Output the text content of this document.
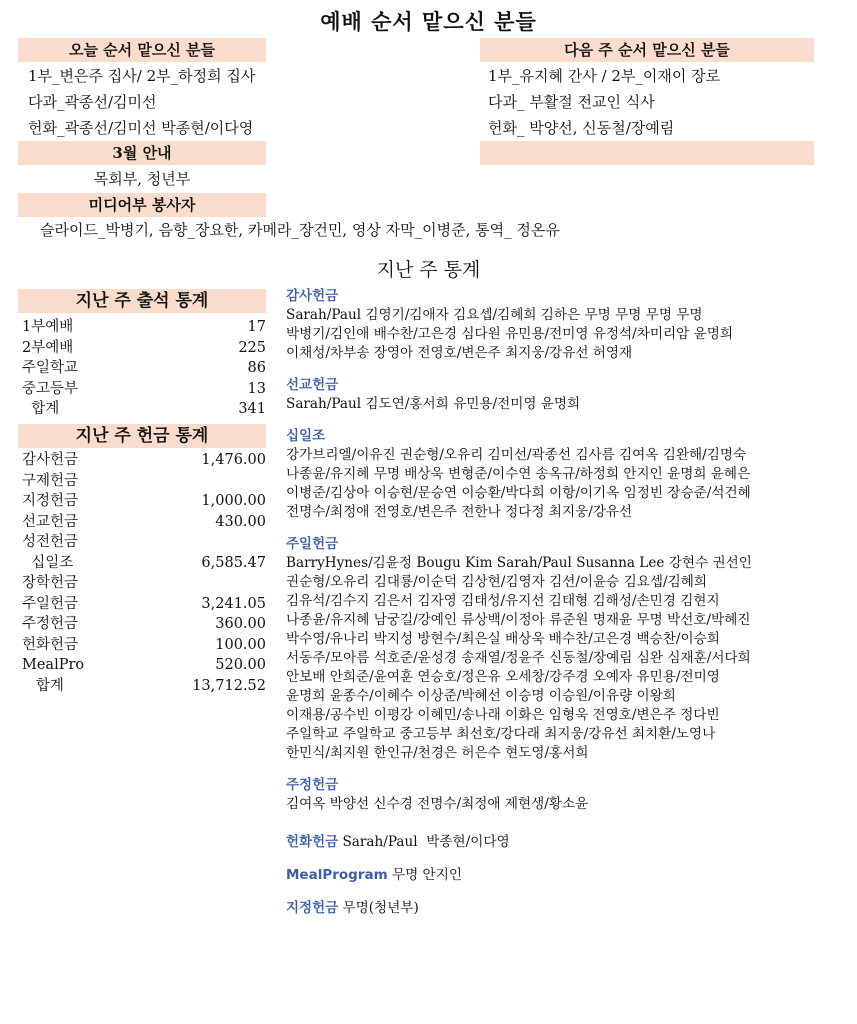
예배 순서 맡으신 분들
오늘 순서 맡으신 분들
1부_변은주 집사/ 2부_하정희 집사
다과_곽종선/김미선
헌화_곽종선/김미선 박종현/이다영
다음 주 순서 맡으신 분들
1부_유지혜 간사 / 2부_이재이 장로
다과_ 부활절 전교인 식사
헌화_ 박양선, 신동철/장예림
3월 안내
목회부, 청년부
미디어부 봉사자
슬라이드_박병기, 음향_장요한, 카메라_장건민, 영상 자막_이병준, 통역_ 정온유
지난 주 통계
지난 주 출석 통계
1부예배	17
2부예배	225
주일학교	86
중고등부	13
합계	341
지난 주 헌금 통계
감사헌금	1,476.00
구제헌금
지정헌금	1,000.00
선교헌금	430.00
성전헌금
십일조	6,585.47
장학헌금
주일헌금	3,241.05
주정헌금	360.00
헌화헌금	100.00
MealPro	520.00
합계	13,712.52
감사헌금
Sarah/Paul 김영기/김애자 김요셉/김혜희 김하은 무명 무명 무명 무명
박병기/김인애 배수찬/고은경 심다원 유민용/전미영 유정석/차미리암 윤명희
이채성/차부송 장영아 전영호/변은주 최지웅/강유선 허영재
선교헌금
Sarah/Paul 김도연/홍서희 유민용/전미영 윤명희
십일조
강가브리엘/이유진 권순형/오유리 김미선/곽종선 김사름 김여옥 김완해/김명숙
나종윤/유지혜 무명 배상욱 변형준/이수연 송옥규/하정희 안지인 윤명희 윤혜은
이병준/김상아 이승현/문승연 이승환/박다희 이항/이기옥 임정빈 장승준/석건혜
전명수/최정애 전영호/변은주 전한나 정다정 최지웅/강유선
주일헌금
BarryHynes/김윤정 Bougu Kim Sarah/Paul Susanna Lee 강현수 권선인
권순형/오유리 김대룡/이순덕 김상현/김영자 김션/이윤승 김요셉/김혜희
김유석/김수지 김은서 김자영 김태성/유지선 김태형 김해성/손민경 김현지
나종윤/유지혜 남궁길/강예인 류상백/이정아 류준원 명재윤 무명 박선호/박혜진
박수영/유나리 박지성 방현수/최은실 배상욱 배수찬/고은경 백승찬/이승희
서동주/모아름 석호준/윤성경 송재열/정윤주 신동철/장예림 심완 심재훈/서다희
안보배 안희준/윤여훈 연승호/정은유 오세창/강주경 오예자 유민용/전미영
윤명희 윤종수/이혜수 이상준/박혜선 이승명 이승원/이유량 이왕희
이재용/공수빈 이평강 이혜민/송나래 이화은 임형욱 전영호/변은주 정다빈
주일학교 주일학교 중고등부 최선호/강다래 최지웅/강유선 최치환/노영나
한민식/최지원 한인규/천경은 허은수 현도영/홍서희
주정헌금
김여옥 박양선 신수경 전명수/최정애 제현생/황소윤
헌화헌금 Sarah/Paul  박종현/이다영
MealProgram 무명 안지인
지정헌금 무명(청년부)
